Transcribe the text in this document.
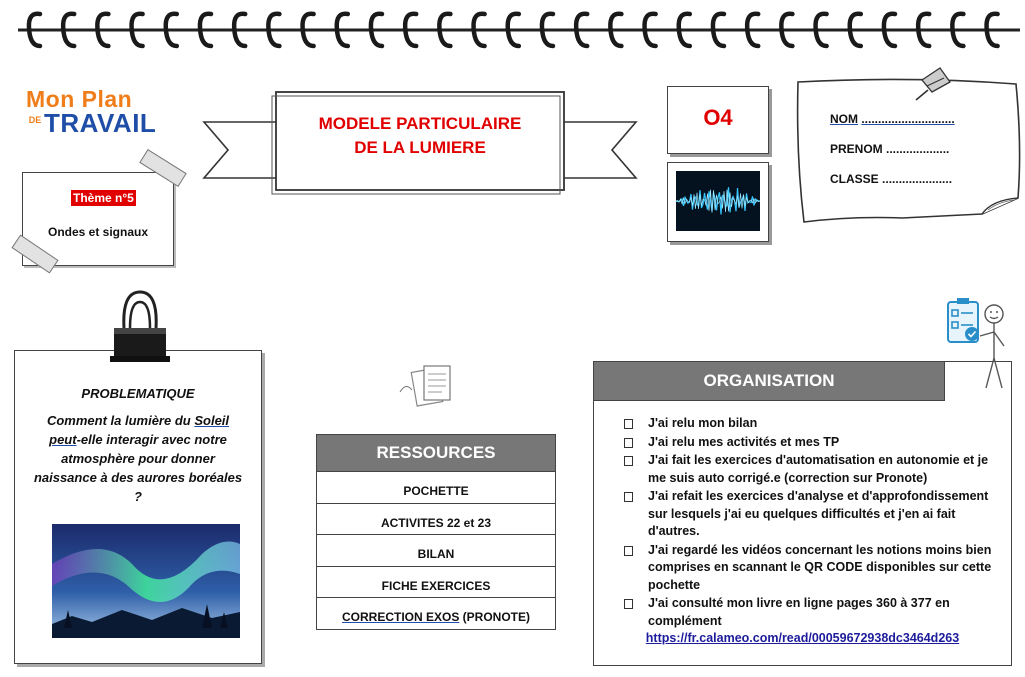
Mon Plan
DE TRAVAIL
Thème n°5
Ondes et signaux
MODELE PARTICULAIRE
DE LA LUMIERE
O4	NOM ............................
PRENOM ...................
CLASSE .....................
PROBLEMATIQUE
Comment la lumière du Soleil peut-elle interagir avec notre atmosphère pour donner naissance à des aurores boréales ?
RESSOURCES
POCHETTE
ACTIVITES 22 et 23
BILAN
FICHE EXERCICES
CORRECTION EXOS (PRONOTE)
ORGANISATION
J'ai relu mon bilan
J'ai relu mes activités et mes TP
J'ai fait les exercices d'automatisation en autonomie et je me suis auto corrigé.e (correction sur Pronote)
J'ai refait les exercices d'analyse et d'approfondissement sur lesquels j'ai eu quelques difficultés et j'en ai fait d'autres.
J'ai regardé les vidéos concernant les notions moins bien comprises en scannant le QR CODE disponibles sur cette pochette
J'ai consulté mon livre en ligne pages 360 à 377 en complément
https://fr.calameo.com/read/00059672938dc3464d263
